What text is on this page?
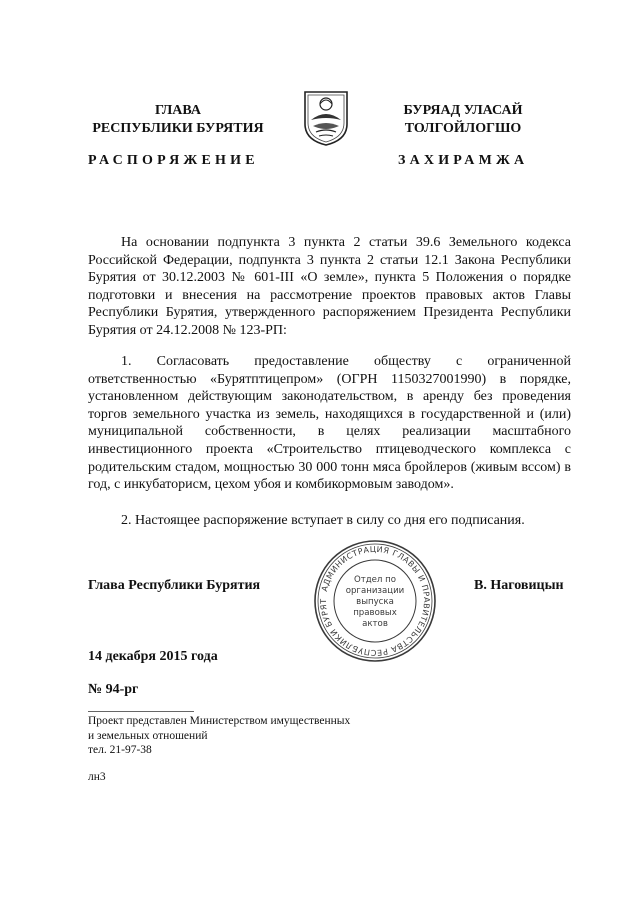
ГЛАВА
РЕСПУБЛИКИ БУРЯТИЯ
БУРЯАД УЛАСАЙ
ТОЛГОЙЛОГШО
РАСПОРЯЖЕНИЕ	ЗАХИРАМЖА
На основании подпункта 3 пункта 2 статьи 39.6 Земельного кодекса Российской Федерации, подпункта 3 пункта 2 статьи 12.1 Закона Республики Бурятия от 30.12.2003 № 601-III «О земле», пункта 5 Положения о порядке подготовки и внесения на рассмотрение проектов правовых актов Главы Республики Бурятия, утвержденного распоряжением Президента Республики Бурятия от 24.12.2008 № 123-РП:
1. Согласовать предоставление обществу с ограниченной ответственностью «Бурятптицепром» (ОГРН 1150327001990) в порядке, установленном действующим законодательством, в аренду без проведения торгов земельного участка из земель, находящихся в государственной и (или) муниципальной собственности, в целях реализации масштабного инвестиционного проекта «Строительство птицеводческого комплекса с родительским стадом, мощностью 30 000 тонн мяса бройлеров (живым вссом) в год, с инкубаторисм, цехом убоя и комбикормовым заводом».
2. Настоящее распоряжение вступает в силу со дня его подписания.
Глава Республики Бурятия	В. Наговицын
АДМИНИСТРАЦИЯ ГЛАВЫ И ПРАВИТЕЛЬСТВА РЕСПУБЛИКИ БУРЯТ
Отдел по
организации
выпуска
правовых
актов
14 декабря 2015 года
№ 94-рг
Проект представлен Министерством имущественных
и земельных отношений
тел. 21-97-38
лн3
